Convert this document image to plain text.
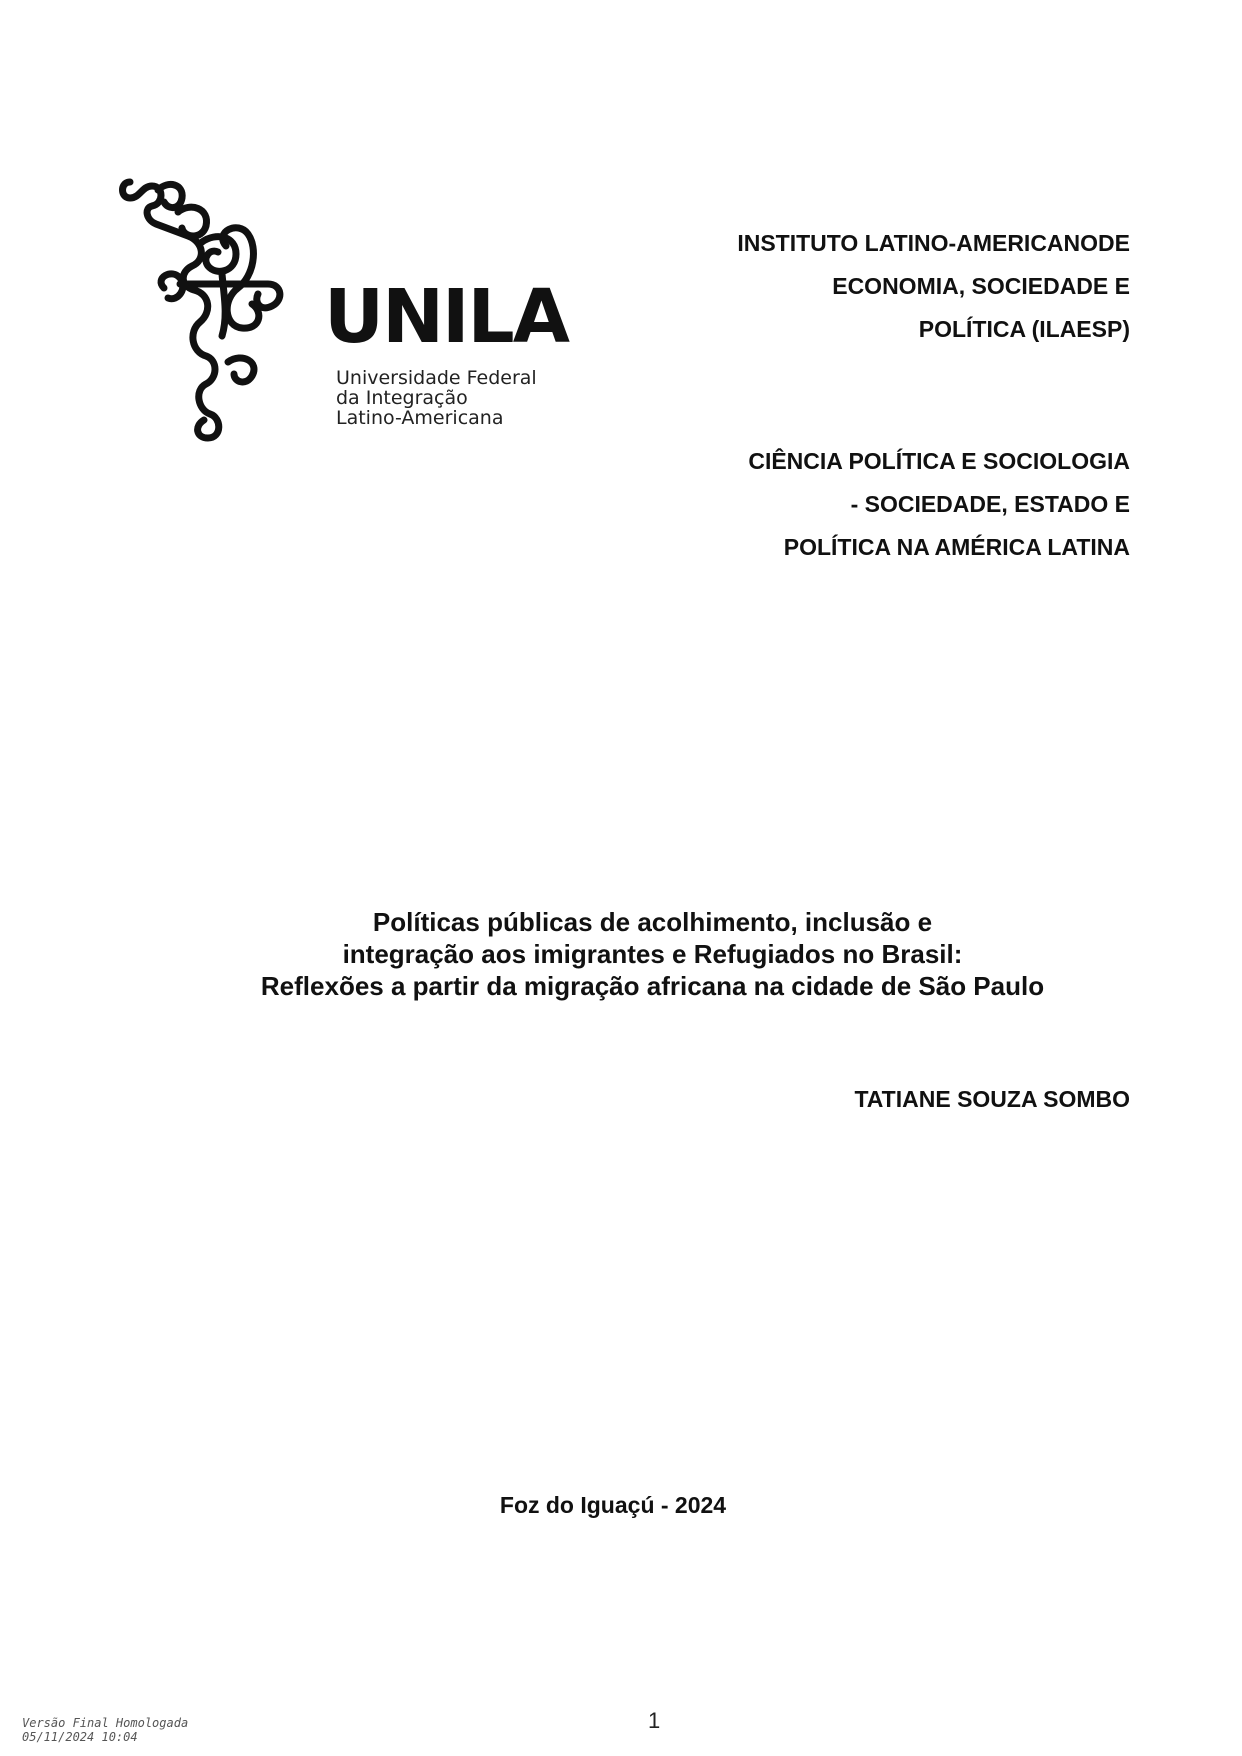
UNILA
Universidade Federal
da Integração
Latino-Americana
INSTITUTO LATINO-AMERICANODE
ECONOMIA, SOCIEDADE E
POLÍTICA (ILAESP)
CIÊNCIA POLÍTICA E SOCIOLOGIA
- SOCIEDADE, ESTADO E
POLÍTICA NA AMÉRICA LATINA
Políticas públicas de acolhimento, inclusão e
integração aos imigrantes e Refugiados no Brasil:
Reflexões a partir da migração africana na cidade de São Paulo
TATIANE SOUZA SOMBO
Foz do Iguaçú - 2024
Versão Final Homologada
05/11/2024 10:04
1
